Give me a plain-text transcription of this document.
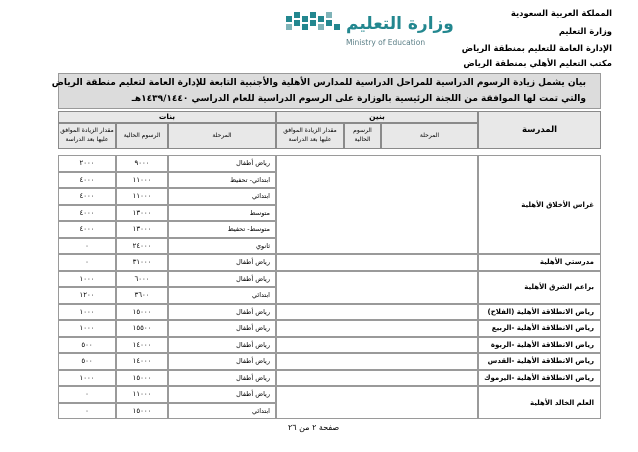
المملكة العربية السعودية
وزارة التعليم
الإدارة العامة للتعليم بمنطقة الرياض
مكتب التعليم الأهلي بمنطقة الرياض
وزارة التعليم
Ministry of Education
بيان يشمل زيادة الرسوم الدراسية للمراحل الدراسية للمدارس الأهلية والأجنبية التابعة للإدارة العامة لتعليم منطقة الرياض
والتي تمت لها الموافقة من اللجنة الرئيسية بالوزارة على الرسوم الدراسية للعام الدراسي ١٤٣٩/١٤٤٠هـ
المدرسة
بنين
بنات
المرحلة
الرسوم الحالية
مقدار الزيادة الموافق عليها بعد الدراسة
المرحلة
الرسوم الحالية
مقدار الزيادة الموافق عليها بعد الدراسة
غراس الأخلاق الأهلية
رياض أطفال
٩٠٠٠
٢٠٠٠
ابتدائي- تحفيظ
١١٠٠٠
٤٠٠٠
ابتدائي
١١٠٠٠
٤٠٠٠
متوسط
١٣٠٠٠
٤٠٠٠
متوسط- تحفيظ
١٣٠٠٠
٤٠٠٠
ثانوي
٢٤٠٠٠
٠
مدرستي الأهلية
رياض أطفال
٣١٠٠٠
٠
براعم الشرق الأهلية
رياض أطفال
٦٠٠٠
١٠٠٠
ابتدائي
٣٦٠٠
١٢٠٠
رياض الانطلاقة الأهلية (الفلاح)
رياض أطفال
١٥٠٠٠
١٠٠٠
رياض الانطلاقة الأهلية -الربيع
رياض أطفال
١٥٥٠٠
١٠٠٠
رياض الانطلاقة الأهلية -الربوة
رياض أطفال
١٤٠٠٠
٥٠٠
رياض الانطلاقة الأهلية -القدس
رياض أطفال
١٤٠٠٠
٥٠٠
رياض الانطلاقة الأهلية -اليرموك
رياض أطفال
١٥٠٠٠
١٠٠٠
العلم الخالد الأهلية
رياض أطفال
١١٠٠٠
٠
ابتدائي
١٥٠٠٠
٠
صفحة ٢ من ٢٦
